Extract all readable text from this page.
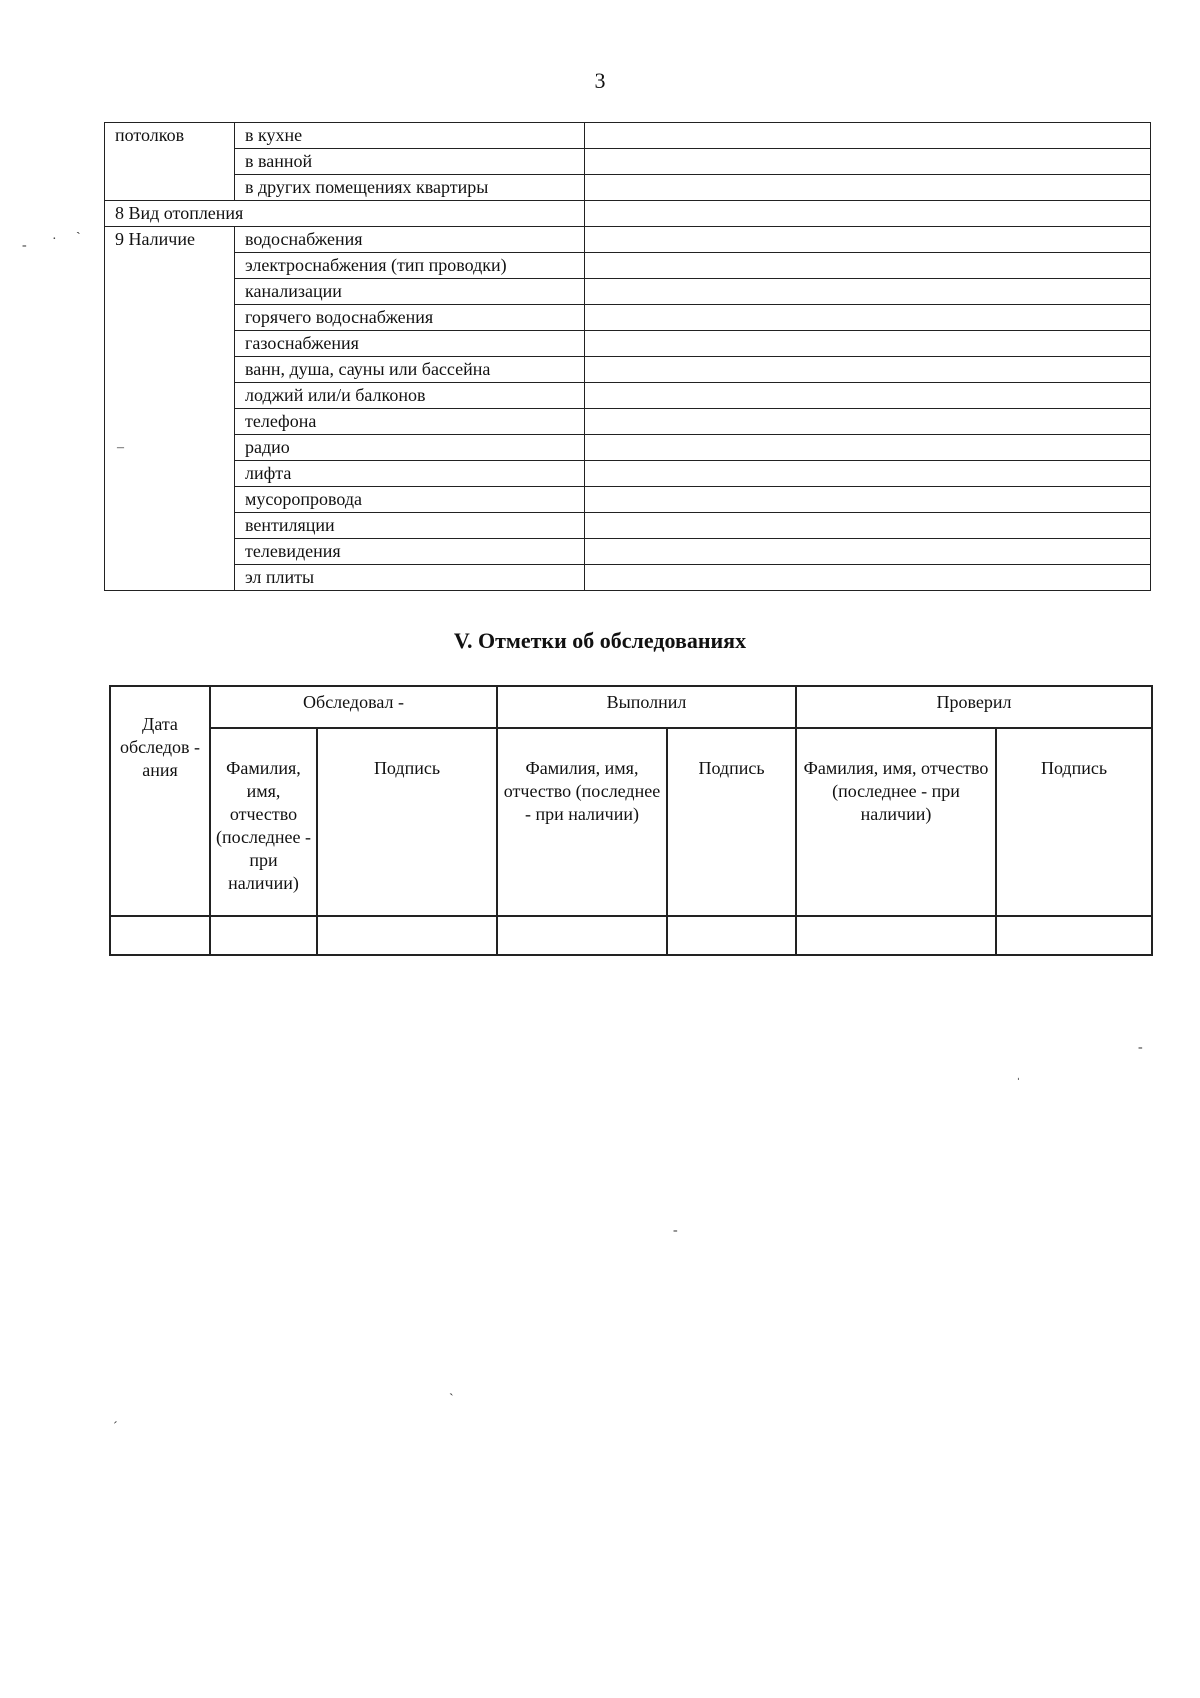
3
потолков	в кухне	
	в ванной	
	в других помещениях квартиры	
8 Вид отопления		
9 Наличие	водоснабжения	
	электроснабжения (тип проводки)	
	канализации	
	горячего водоснабжения	
	газоснабжения	
	ванн, душа, сауны или бассейна	
	лоджий или/и балконов	
	телефона	
	радио	
	лифта	
	мусоропровода	
	вентиляции	
	телевидения	
	эл плиты	
V. Отметки об обследованиях
Дата обследов - ания	Обследовал -		Выполнил		Проверил	
	Фамилия, имя, отчество (последнее - при наличии)	Подпись	Фамилия, имя, отчество (последнее - при наличии)	Подпись	Фамилия, имя, отчество (последнее - при наличии)	Подпись

- ·
ˎ
–
-
ˌ
-
ˋ
ˊ
